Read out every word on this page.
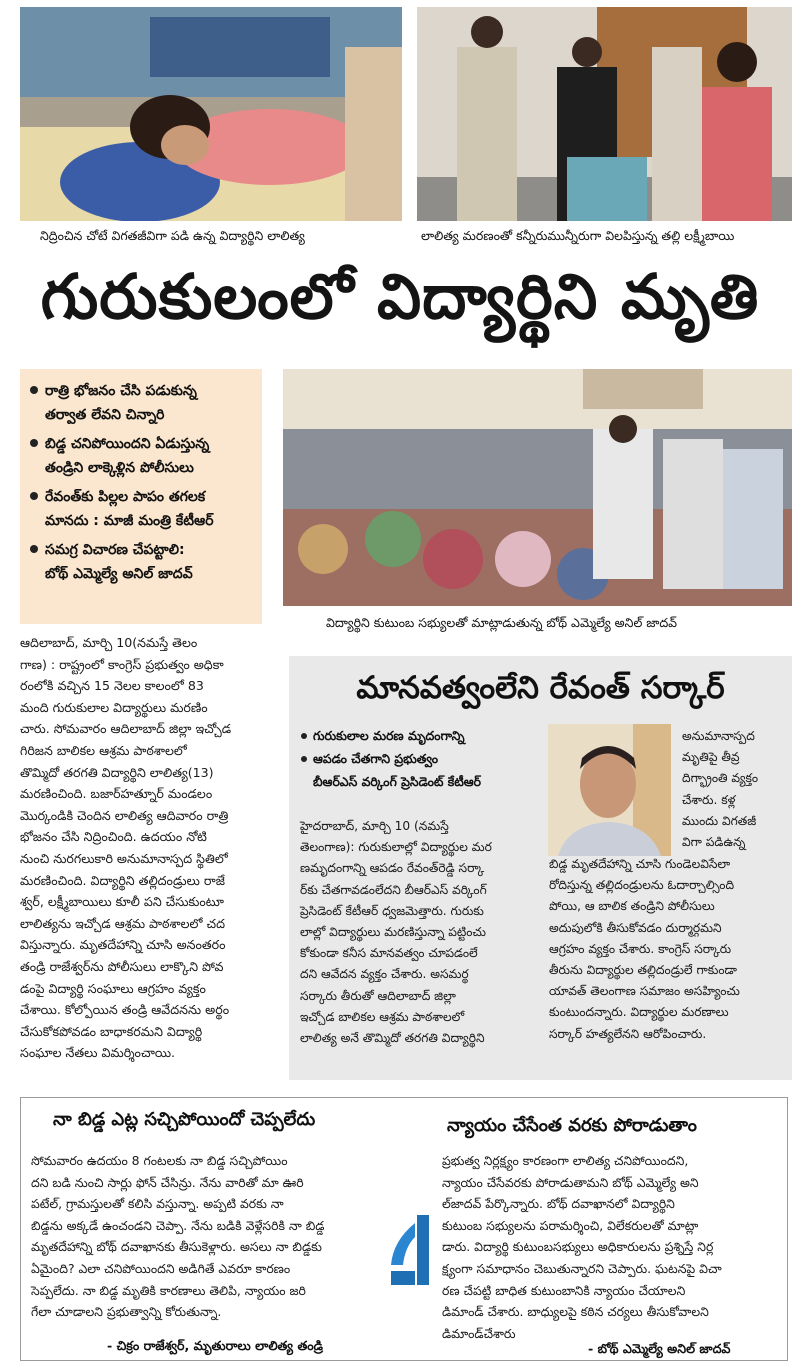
నిద్రించిన చోటే విగతజీవిగా పడి ఉన్న విద్యార్థిని లాలిత్య	లాలిత్య మరణంతో కన్నీరుమున్నీరుగా విలపిస్తున్న తల్లి లక్ష్మీబాయి
గురుకులంలో విద్యార్థిని మృతి
రాత్రి భోజనం చేసి పడుకున్న
తర్వాత లేవని చిన్నారి
బిడ్డ చనిపోయిందని ఏడుస్తున్న
తండ్రిని లాక్కెళ్లిన పోలీసులు
రేవంత్‌కు పిల్లల పాపం తగలక
మానదు : మాజీ మంత్రి కేటీఆర్
సమగ్ర విచారణ చేపట్టాలి:
బోథ్ ఎమ్మెల్యే అనిల్ జాదవ్
విద్యార్థిని కుటుంబ సభ్యులతో మాట్లాడుతున్న బోథ్ ఎమ్మెల్యే అనిల్ జాదవ్
ఆదిలాబాద్, మార్చి 10(నమస్తే తెలం
గాణ) : రాష్ట్రంలో కాంగ్రెస్ ప్రభుత్వం అధికా
రంలోకి వచ్చిన 15 నెలల కాలంలో 83
మంది గురుకులాల విద్యార్థులు మరణిం
చారు. సోమవారం ఆదిలాబాద్ జిల్లా ఇచ్చోడ
గిరిజన బాలికల ఆశ్రమ పాఠశాలలో
తొమ్మిదో తరగతి విద్యార్థిని లాలిత్య(13)
మరణించింది. బజార్‌హత్నూర్ మండలం
మొర్కండికి చెందిన లాలిత్య ఆదివారం రాత్రి
భోజనం చేసి నిద్రించింది. ఉదయం నోటి
నుంచి నురగలుకారి అనుమానాస్పద స్థితిలో
మరణించింది. విద్యార్థిని తల్లిదండ్రులు రాజే
శ్వర్, లక్ష్మీబాయిలు కూలీ పని చేసుకుంటూ
లాలిత్యను ఇచ్చోడ ఆశ్రమ పాఠశాలలో చద
విస్తున్నారు. మృతదేహాన్ని చూసి అనంతరం
తండ్రి రాజేశ్వర్‌ను పోలీసులు లాక్కొని పోవ
డంపై విద్యార్థి సంఘాలు ఆగ్రహం వ్యక్తం
చేశాయి. కోల్పోయిన తండ్రి ఆవేదనను అర్థం
చేసుకోకపోవడం బాధాకరమని విద్యార్థి
సంఘాల నేతలు విమర్శించాయి.
మానవత్వంలేని రేవంత్ సర్కార్
గురుకులాల మరణ మృదంగాన్ని
ఆపడం చేతగాని ప్రభుత్వం
బీఆర్ఎస్ వర్కింగ్ ప్రెసిడెంట్ కేటీఆర్
హైదరాబాద్, మార్చి 10 (నమస్తే
తెలంగాణ): గురుకులాల్లో విద్యార్థుల మర
ణమృదంగాన్ని ఆపడం రేవంత్‌రెడ్డి సర్కా
ర్‌కు చేతగావడంలేదని బీఆర్ఎస్ వర్కింగ్
ప్రెసిడెంట్ కేటీఆర్ ధ్వజమెత్తారు. గురుకు
లాల్లో విద్యార్థులు మరణిస్తున్నా పట్టించు
కోకుండా కనీస మానవత్వం చూపడంలే
దని ఆవేదన వ్యక్తం చేశారు. అసమర్థ
సర్కారు తీరుతో ఆదిలాబాద్ జిల్లా
ఇచ్చోడ బాలికల ఆశ్రమ పాఠశాలలో
లాలిత్య అనే తొమ్మిదో తరగతి విద్యార్థిని
అనుమానాస్పద
మృతిపై తీవ్ర
దిగ్భ్రాంతి వ్యక్తం
చేశారు. కళ్ల
ముందు విగతజీ
విగా పడిఉన్న
బిడ్డ మృతదేహాన్ని చూసి గుండెలవిసేలా
రోదిస్తున్న తల్లిదండ్రులను ఓదార్చాల్సింది
పోయి, ఆ బాలిక తండ్రిని పోలీసులు
అదుపులోకి తీసుకోవడం దుర్మార్గమని
ఆగ్రహం వ్యక్తం చేశారు. కాంగ్రెస్ సర్కారు
తీరును విద్యార్థుల తల్లిదండ్రులే గాకుండా
యావత్ తెలంగాణ సమాజం అసహ్యించు
కుంటుందన్నారు. విద్యార్థుల మరణాలు
సర్కార్ హత్యలేనని ఆరోపించారు.
నా బిడ్డ ఎట్ల సచ్చిపోయిందో చెప్పలేదు
సోమవారం ఉదయం 8 గంటలకు నా బిడ్డ సచ్చిపోయిం
దని బడి నుంచి సార్లు ఫోన్ చేసిన్రు. నేను వారితో మా ఊరి
పటేల్, గ్రామస్తులతో కలిసి వస్తున్నా. అప్పటి వరకు నా
బిడ్డను అక్కడే ఉంచండని చెప్పా. నేను బడికి వెళ్లేసరికి నా బిడ్డ
మృతదేహాన్ని బోథ్ దవాఖానకు తీసుకెళ్లారు. అసలు నా బిడ్డకు
ఏమైంది? ఎలా చనిపోయిందని అడిగితే ఎవరూ కారణం
సెప్పలేదు. నా బిడ్డ మృతికి కారణాలు తెలిపి, న్యాయం జరి
గేలా చూడాలని ప్రభుత్వాన్ని కోరుతున్నా.
- చిక్రం రాజేశ్వర్, మృతురాలు లాలిత్య తండ్రి
న్యాయం చేసేంత వరకు పోరాడుతాం
ప్రభుత్వ నిర్లక్ష్యం కారణంగా లాలిత్య చనిపోయిందని,
న్యాయం చేసేవరకు పోరాడుతామని బోథ్ ఎమ్మెల్యే అని
ల్‌జాదవ్ పేర్కొన్నారు. బోథ్ దవాఖానలో విద్యార్థిని
కుటుంబ సభ్యులను పరామర్శించి, విలేకరులతో మాట్లా
డారు. విద్యార్థి కుటుంబసభ్యులు అధికారులను ప్రశ్నిస్తే నిర్ల
క్ష్యంగా సమాధానం చెబుతున్నారని చెప్పారు. ఘటనపై విచా
రణ చేపట్టి బాధిత కుటుంబానికి న్యాయం చేయాలని
డిమాండ్ చేశారు. బాధ్యులపై కఠిన చర్యలు తీసుకోవాలని
డిమాండ్‌చేశారు
- బోథ్ ఎమ్మెల్యే అనిల్ జాదవ్
